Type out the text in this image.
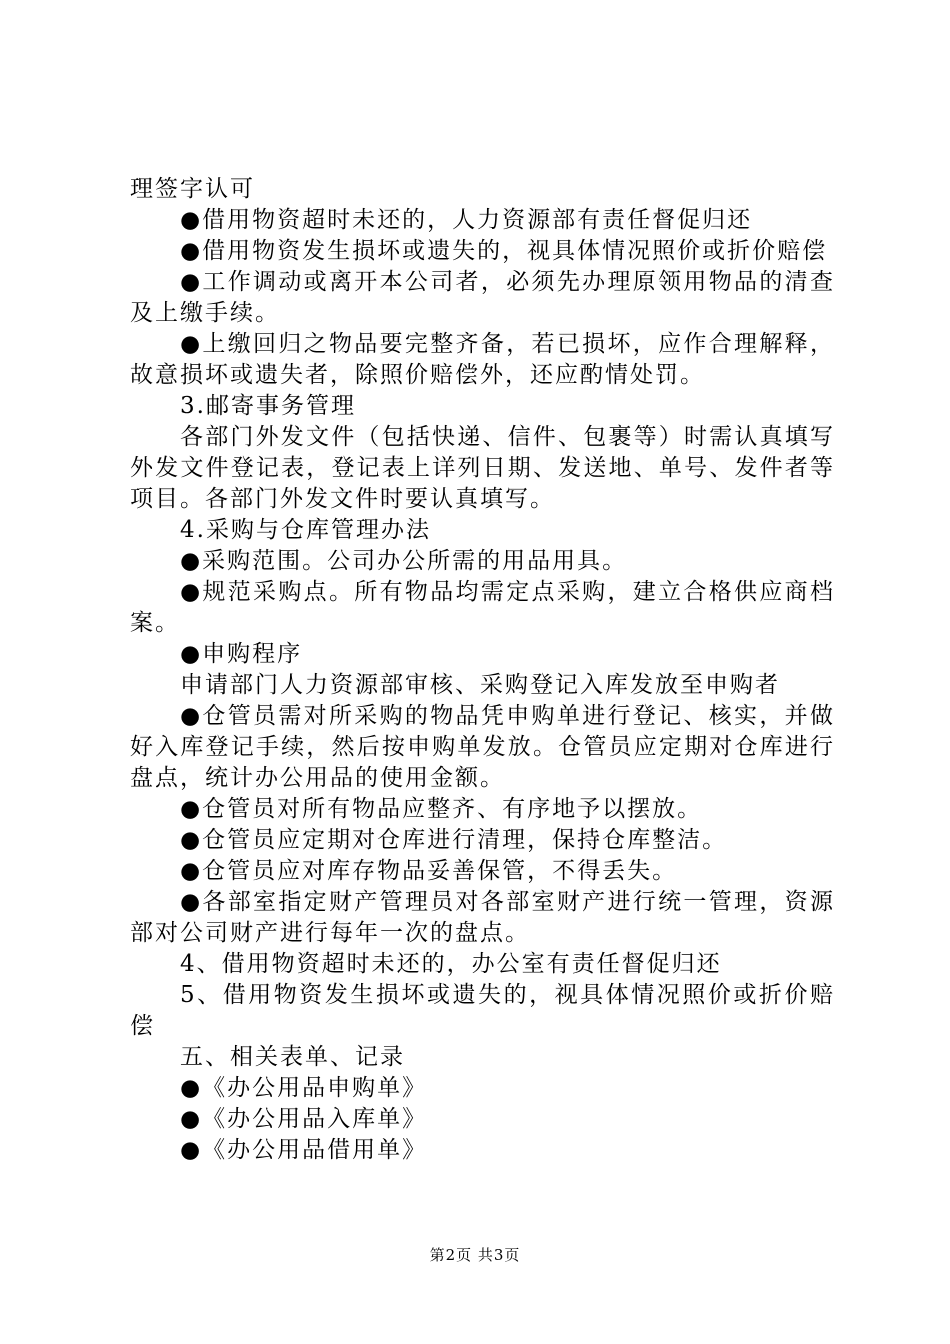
理签字认可

●借用物资超时未还的，人力资源部有责任督促归还

●借用物资发生损坏或遗失的，视具体情况照价或折价赔偿

●工作调动或离开本公司者，必须先办理原领用物品的清查及上缴手续。

●上缴回归之物品要完整齐备，若已损坏，应作合理解释，故意损坏或遗失者，除照价赔偿外，还应酌情处罚。

3.邮寄事务管理

各部门外发文件（包括快递、信件、包裹等）时需认真填写外发文件登记表，登记表上详列日期、发送地、单号、发件者等项目。各部门外发文件时要认真填写。

4.采购与仓库管理办法

●采购范围。公司办公所需的用品用具。

●规范采购点。所有物品均需定点采购，建立合格供应商档案。

●申购程序

申请部门人力资源部审核、采购登记入库发放至申购者

●仓管员需对所采购的物品凭申购单进行登记、核实，并做好入库登记手续，然后按申购单发放。仓管员应定期对仓库进行盘点，统计办公用品的使用金额。

●仓管员对所有物品应整齐、有序地予以摆放。

●仓管员应定期对仓库进行清理，保持仓库整洁。

●仓管员应对库存物品妥善保管，不得丢失。

●各部室指定财产管理员对各部室财产进行统一管理，资源部对公司财产进行每年一次的盘点。

4、借用物资超时未还的，办公室有责任督促归还

5、借用物资发生损坏或遗失的，视具体情况照价或折价赔偿

五、相关表单、记录

●《办公用品申购单》

●《办公用品入库单》

●《办公用品借用单》

第2页 共3页
